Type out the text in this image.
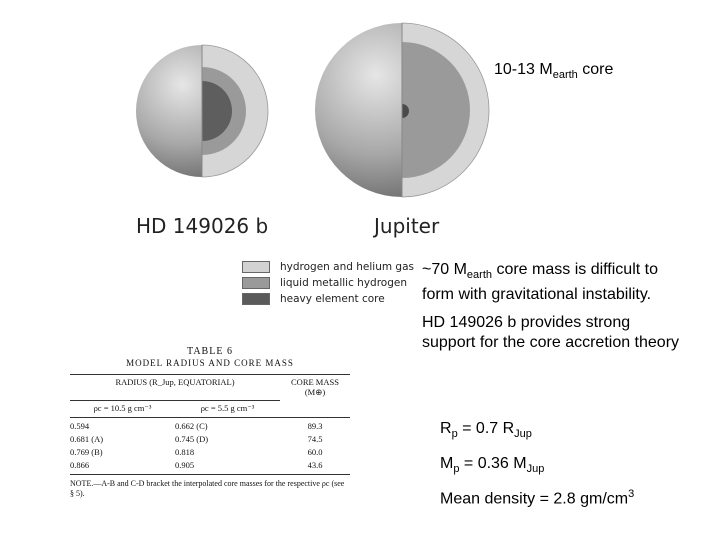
HD 149026 b	Jupiter
10-13 $M_{earth}$ core
hydrogen and helium gas
liquid metallic hydrogen
heavy element core
~70 $M_{earth}$ core mass is difficult to
form with gravitational instability.
HD 149026 b provides strong
support for the core accretion theory
TABLE 6
MODEL RADIUS AND CORE MASS
RADIUS (R_Jup, EQUATORIAL)	CORE MASS (M⊕)
ρc = 10.5 g cm⁻³	ρc = 5.5 g cm⁻³
0.594	0.662 (C)	89.3
0.681 (A)	0.745 (D)	74.5
0.769 (B)	0.818	60.0
0.866	0.905	43.6
NOTE.—A-B and C-D bracket the interpolated core masses for the respective ρc (see § 5).
$R_p = 0.7$ $R_{Jup}$
$M_p = 0.36$ $M_{Jup}$
Mean density = 2.8 $gm/cm^3$
